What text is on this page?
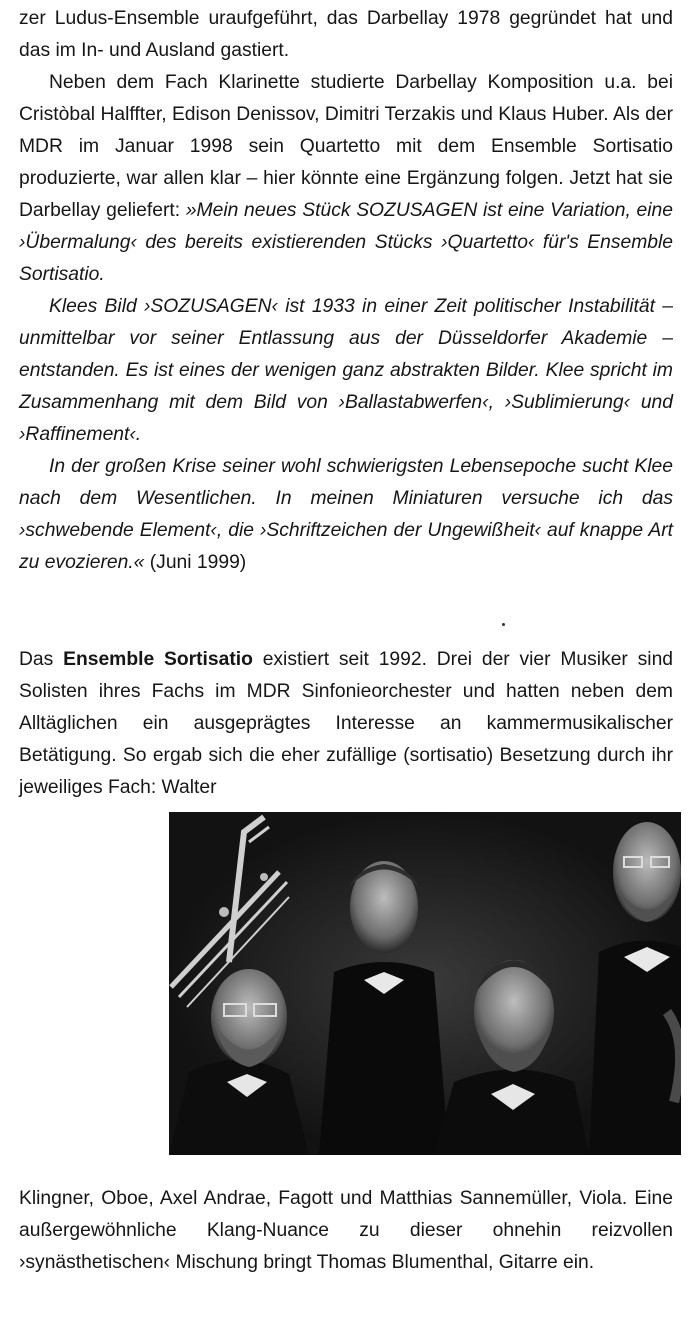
zer Ludus-Ensemble uraufgeführt, das Darbellay 1978 gegründet hat und das im In- und Ausland gastiert.

Neben dem Fach Klarinette studierte Darbellay Komposition u.a. bei Cristòbal Halffter, Edison Denissov, Dimitri Terzakis und Klaus Huber. Als der MDR im Januar 1998 sein Quartetto mit dem Ensemble Sortisatio produzierte, war allen klar – hier könnte eine Ergänzung folgen. Jetzt hat sie Darbellay geliefert: »Mein neues Stück SOZUSAGEN ist eine Variation, eine ›Übermalung‹ des bereits existierenden Stücks ›Quartetto‹ für's Ensemble Sortisatio.

Klees Bild ›SOZUSAGEN‹ ist 1933 in einer Zeit politischer Instabilität – unmittelbar vor seiner Entlassung aus der Düsseldorfer Akademie – entstanden. Es ist eines der wenigen ganz abstrakten Bilder. Klee spricht im Zusammenhang mit dem Bild von ›Ballastabwerfen‹, ›Sublimierung‹ und ›Raffinement‹.

In der großen Krise seiner wohl schwierigsten Lebensepoche sucht Klee nach dem Wesentlichen. In meinen Miniaturen versuche ich das ›schwebende Element‹, die ›Schriftzeichen der Ungewißheit‹ auf knappe Art zu evozieren.« (Juni 1999)

Das Ensemble Sortisatio existiert seit 1992. Drei der vier Musiker sind Solisten ihres Fachs im MDR Sinfonieorchester und hatten neben dem Alltäglichen ein ausgeprägtes Interesse an kammermusikalischer Betätigung. So ergab sich die eher zufällige (sortisatio) Besetzung durch ihr jeweiliges Fach: Walter

Klingner, Oboe, Axel Andrae, Fagott und Matthias Sannemüller, Viola. Eine außergewöhnliche Klang-Nuance zu dieser ohnehin reizvollen ›synästhetischen‹ Mischung bringt Thomas Blumenthal, Gitarre ein.
